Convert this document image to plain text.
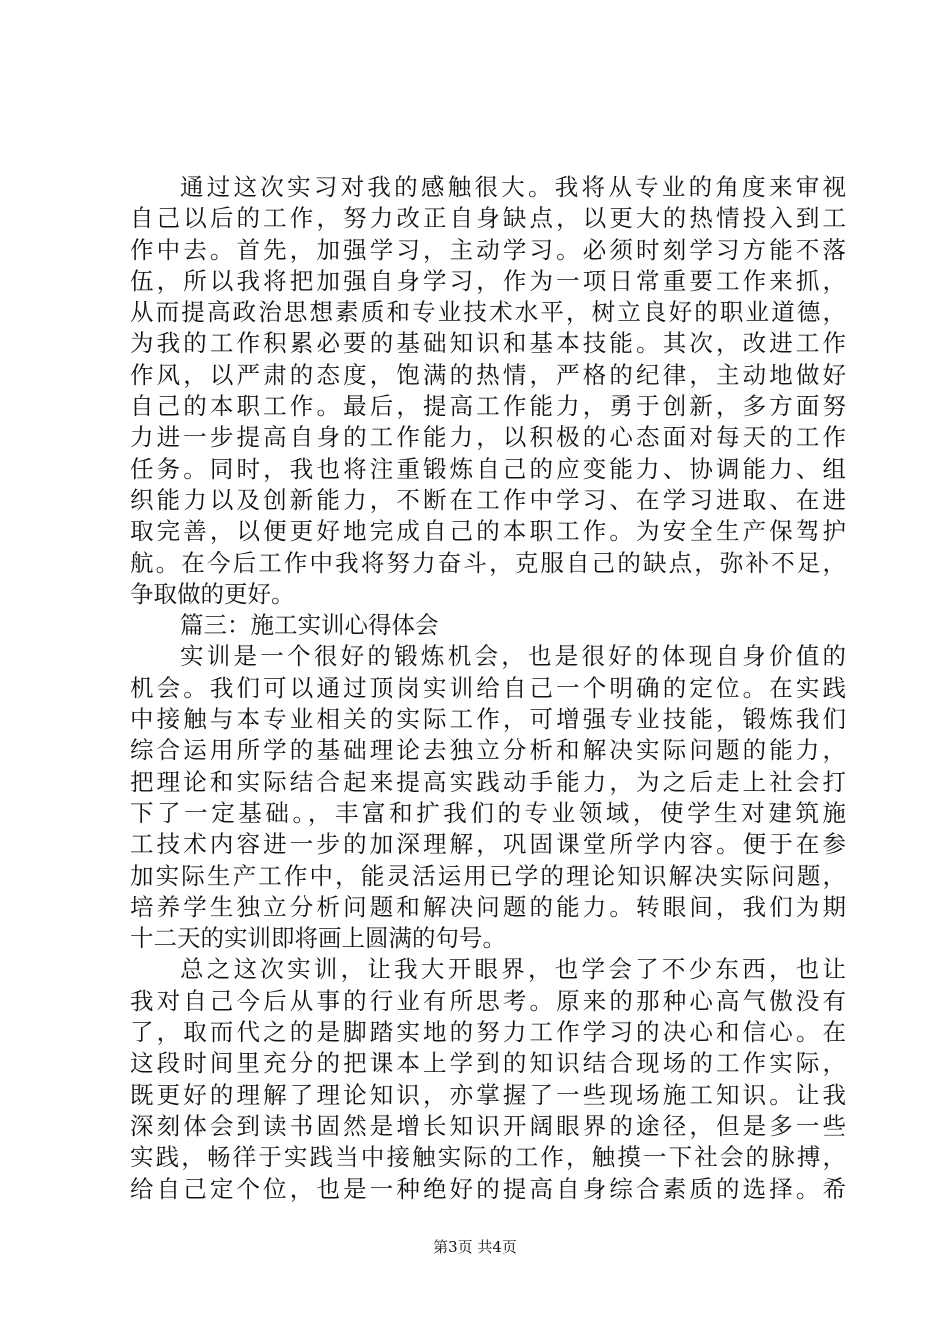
通过这次实习对我的感触很大。我将从专业的角度来审视
自己以后的工作，努力改正自身缺点，以更大的热情投入到工
作中去。首先，加强学习，主动学习。必须时刻学习方能不落
伍，所以我将把加强自身学习，作为一项日常重要工作来抓，
从而提高政治思想素质和专业技术水平，树立良好的职业道德，
为我的工作积累必要的基础知识和基本技能。其次，改进工作
作风，以严肃的态度，饱满的热情，严格的纪律，主动地做好
自己的本职工作。最后，提高工作能力，勇于创新，多方面努
力进一步提高自身的工作能力，以积极的心态面对每天的工作
任务。同时，我也将注重锻炼自己的应变能力、协调能力、组
织能力以及创新能力，不断在工作中学习、在学习进取、在进
取完善，以便更好地完成自己的本职工作。为安全生产保驾护
航。在今后工作中我将努力奋斗，克服自己的缺点，弥补不足，
争取做的更好。
篇三：施工实训心得体会
实训是一个很好的锻炼机会，也是很好的体现自身价值的
机会。我们可以通过顶岗实训给自己一个明确的定位。在实践
中接触与本专业相关的实际工作，可增强专业技能，锻炼我们
综合运用所学的基础理论去独立分析和解决实际问题的能力，
把理论和实际结合起来提高实践动手能力，为之后走上社会打
下了一定基础。，丰富和扩我们的专业领域，使学生对建筑施
工技术内容进一步的加深理解，巩固课堂所学内容。便于在参
加实际生产工作中，能灵活运用已学的理论知识解决实际问题，
培养学生独立分析问题和解决问题的能力。转眼间，我们为期
十二天的实训即将画上圆满的句号。
总之这次实训，让我大开眼界，也学会了不少东西，也让
我对自己今后从事的行业有所思考。原来的那种心高气傲没有
了，取而代之的是脚踏实地的努力工作学习的决心和信心。在
这段时间里充分的把课本上学到的知识结合现场的工作实际，
既更好的理解了理论知识，亦掌握了一些现场施工知识。让我
深刻体会到读书固然是增长知识开阔眼界的途径，但是多一些
实践，畅徉于实践当中接触实际的工作，触摸一下社会的脉搏，
给自己定个位，也是一种绝好的提高自身综合素质的选择。希
第3页 共4页
